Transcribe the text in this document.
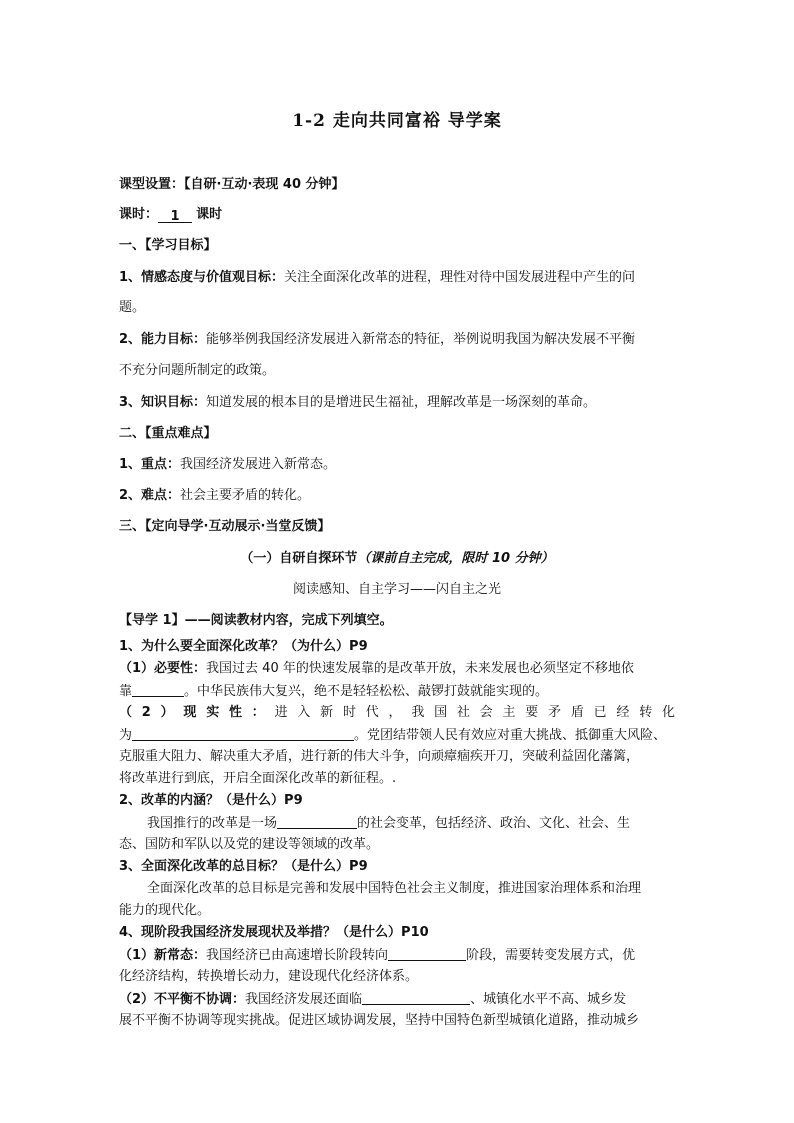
1-2 走向共同富裕 导学案
课型设置：【自研·互动·表现 40 分钟】
课时： 1 课时
一、【学习目标】
1、情感态度与价值观目标：关注全面深化改革的进程，理性对待中国发展进程中产生的问
题。
2、能力目标：能够举例我国经济发展进入新常态的特征，举例说明我国为解决发展不平衡
不充分问题所制定的政策。
3、知识目标：知道发展的根本目的是增进民生福祉，理解改革是一场深刻的革命。
二、【重点难点】
1、重点：我国经济发展进入新常态。
2、难点：社会主要矛盾的转化。
三、【定向导学·互动展示·当堂反馈】
（一）自研自探环节（课前自主完成，限时 10 分钟）
阅读感知、自主学习——闪自主之光
【导学 1】——阅读教材内容，完成下列填空。
1、为什么要全面深化改革？（为什么）P9
（1）必要性：我国过去 40 年的快速发展靠的是改革开放，未来发展也必须坚定不移地依
靠	。中华民族伟大复兴，绝不是轻轻松松、敲锣打鼓就能实现的。
（2）现实性：进入新时代，我国社会主要矛盾已经转化
为	。党团结带领人民有效应对重大挑战、抵御重大风险、
克服重大阻力、解决重大矛盾，进行新的伟大斗争，向顽瘴痼疾开刀，突破利益固化藩篱，
将改革进行到底，开启全面深化改革的新征程。.
2、改革的内涵？（是什么）P9
我国推行的改革是一场	的社会变革，包括经济、政治、文化、社会、生
态、国防和军队以及党的建设等领域的改革。
3、全面深化改革的总目标？（是什么）P9
全面深化改革的总目标是完善和发展中国特色社会主义制度，推进国家治理体系和治理
能力的现代化。
4、现阶段我国经济发展现状及举措？（是什么）P10
（1）新常态：我国经济已由高速增长阶段转向	阶段，需要转变发展方式，优
化经济结构，转换增长动力，建设现代化经济体系。
（2）不平衡不协调：我国经济发展还面临	、城镇化水平不高、城乡发
展不平衡不协调等现实挑战。促进区域协调发展，坚持中国特色新型城镇化道路，推动城乡
